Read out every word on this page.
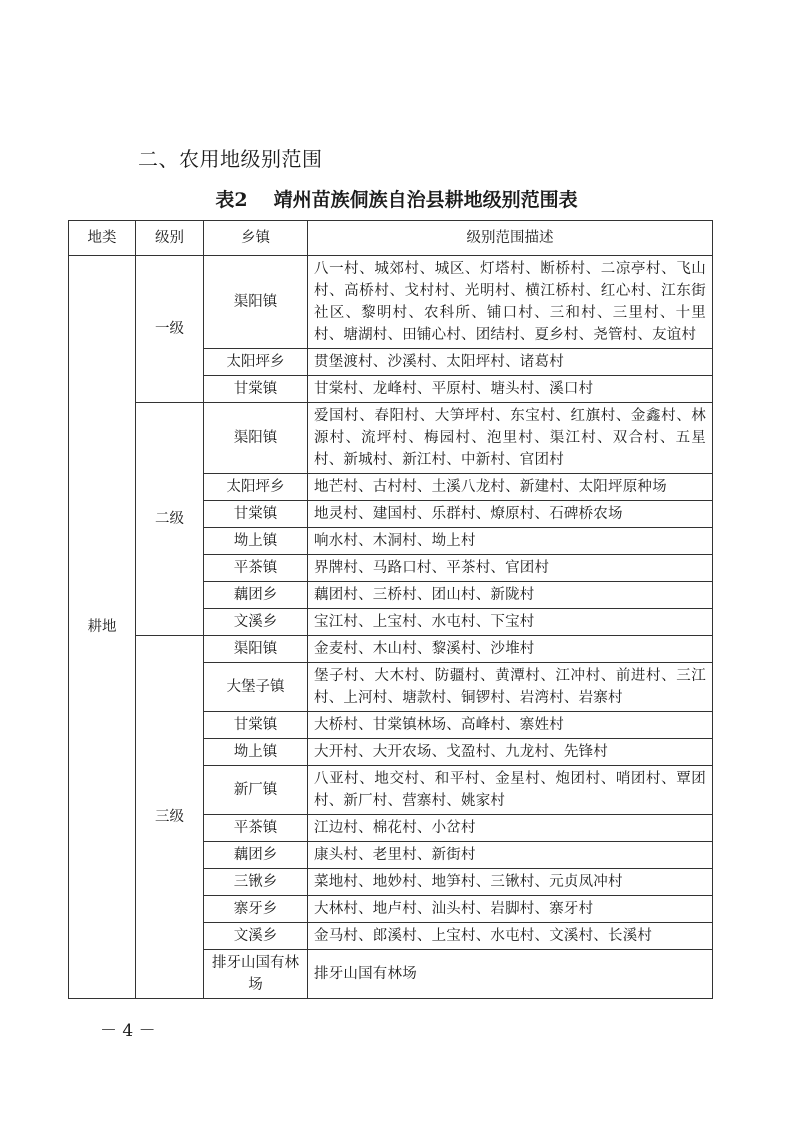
二、农用地级别范围
表2 靖州苗族侗族自治县耕地级别范围表
地类	级别	乡镇	级别范围描述
耕地	一级	渠阳镇	八一村、城郊村、城区、灯塔村、断桥村、二凉亭村、飞山村、高桥村、戈村村、光明村、横江桥村、红心村、江东街社区、黎明村、农科所、铺口村、三和村、三里村、十里村、塘湖村、田铺心村、团结村、夏乡村、尧管村、友谊村
		太阳坪乡	贯堡渡村、沙溪村、太阳坪村、诸葛村
		甘棠镇	甘棠村、龙峰村、平原村、塘头村、溪口村
	二级	渠阳镇	爱国村、春阳村、大笋坪村、东宝村、红旗村、金鑫村、林源村、流坪村、梅园村、泡里村、渠江村、双合村、五星村、新城村、新江村、中新村、官团村
		太阳坪乡	地芒村、古村村、土溪八龙村、新建村、太阳坪原种场
		甘棠镇	地灵村、建国村、乐群村、燎原村、石碑桥农场
		坳上镇	响水村、木洞村、坳上村
		平茶镇	界牌村、马路口村、平茶村、官团村
		藕团乡	藕团村、三桥村、团山村、新陇村
		文溪乡	宝江村、上宝村、水屯村、下宝村
	三级	渠阳镇	金麦村、木山村、黎溪村、沙堆村
		大堡子镇	堡子村、大木村、防疆村、黄潭村、江冲村、前进村、三江村、上河村、塘款村、铜锣村、岩湾村、岩寨村
		甘棠镇	大桥村、甘棠镇林场、高峰村、寨姓村
		坳上镇	大开村、大开农场、戈盈村、九龙村、先锋村
		新厂镇	八亚村、地交村、和平村、金星村、炮团村、哨团村、覃团村、新厂村、营寨村、姚家村
		平茶镇	江边村、棉花村、小岔村
		藕团乡	康头村、老里村、新街村
		三锹乡	菜地村、地妙村、地笋村、三锹村、元贞凤冲村
		寨牙乡	大林村、地卢村、汕头村、岩脚村、寨牙村
		文溪乡	金马村、郎溪村、上宝村、水屯村、文溪村、长溪村
		排牙山国有林场	排牙山国有林场
－ 4 －
